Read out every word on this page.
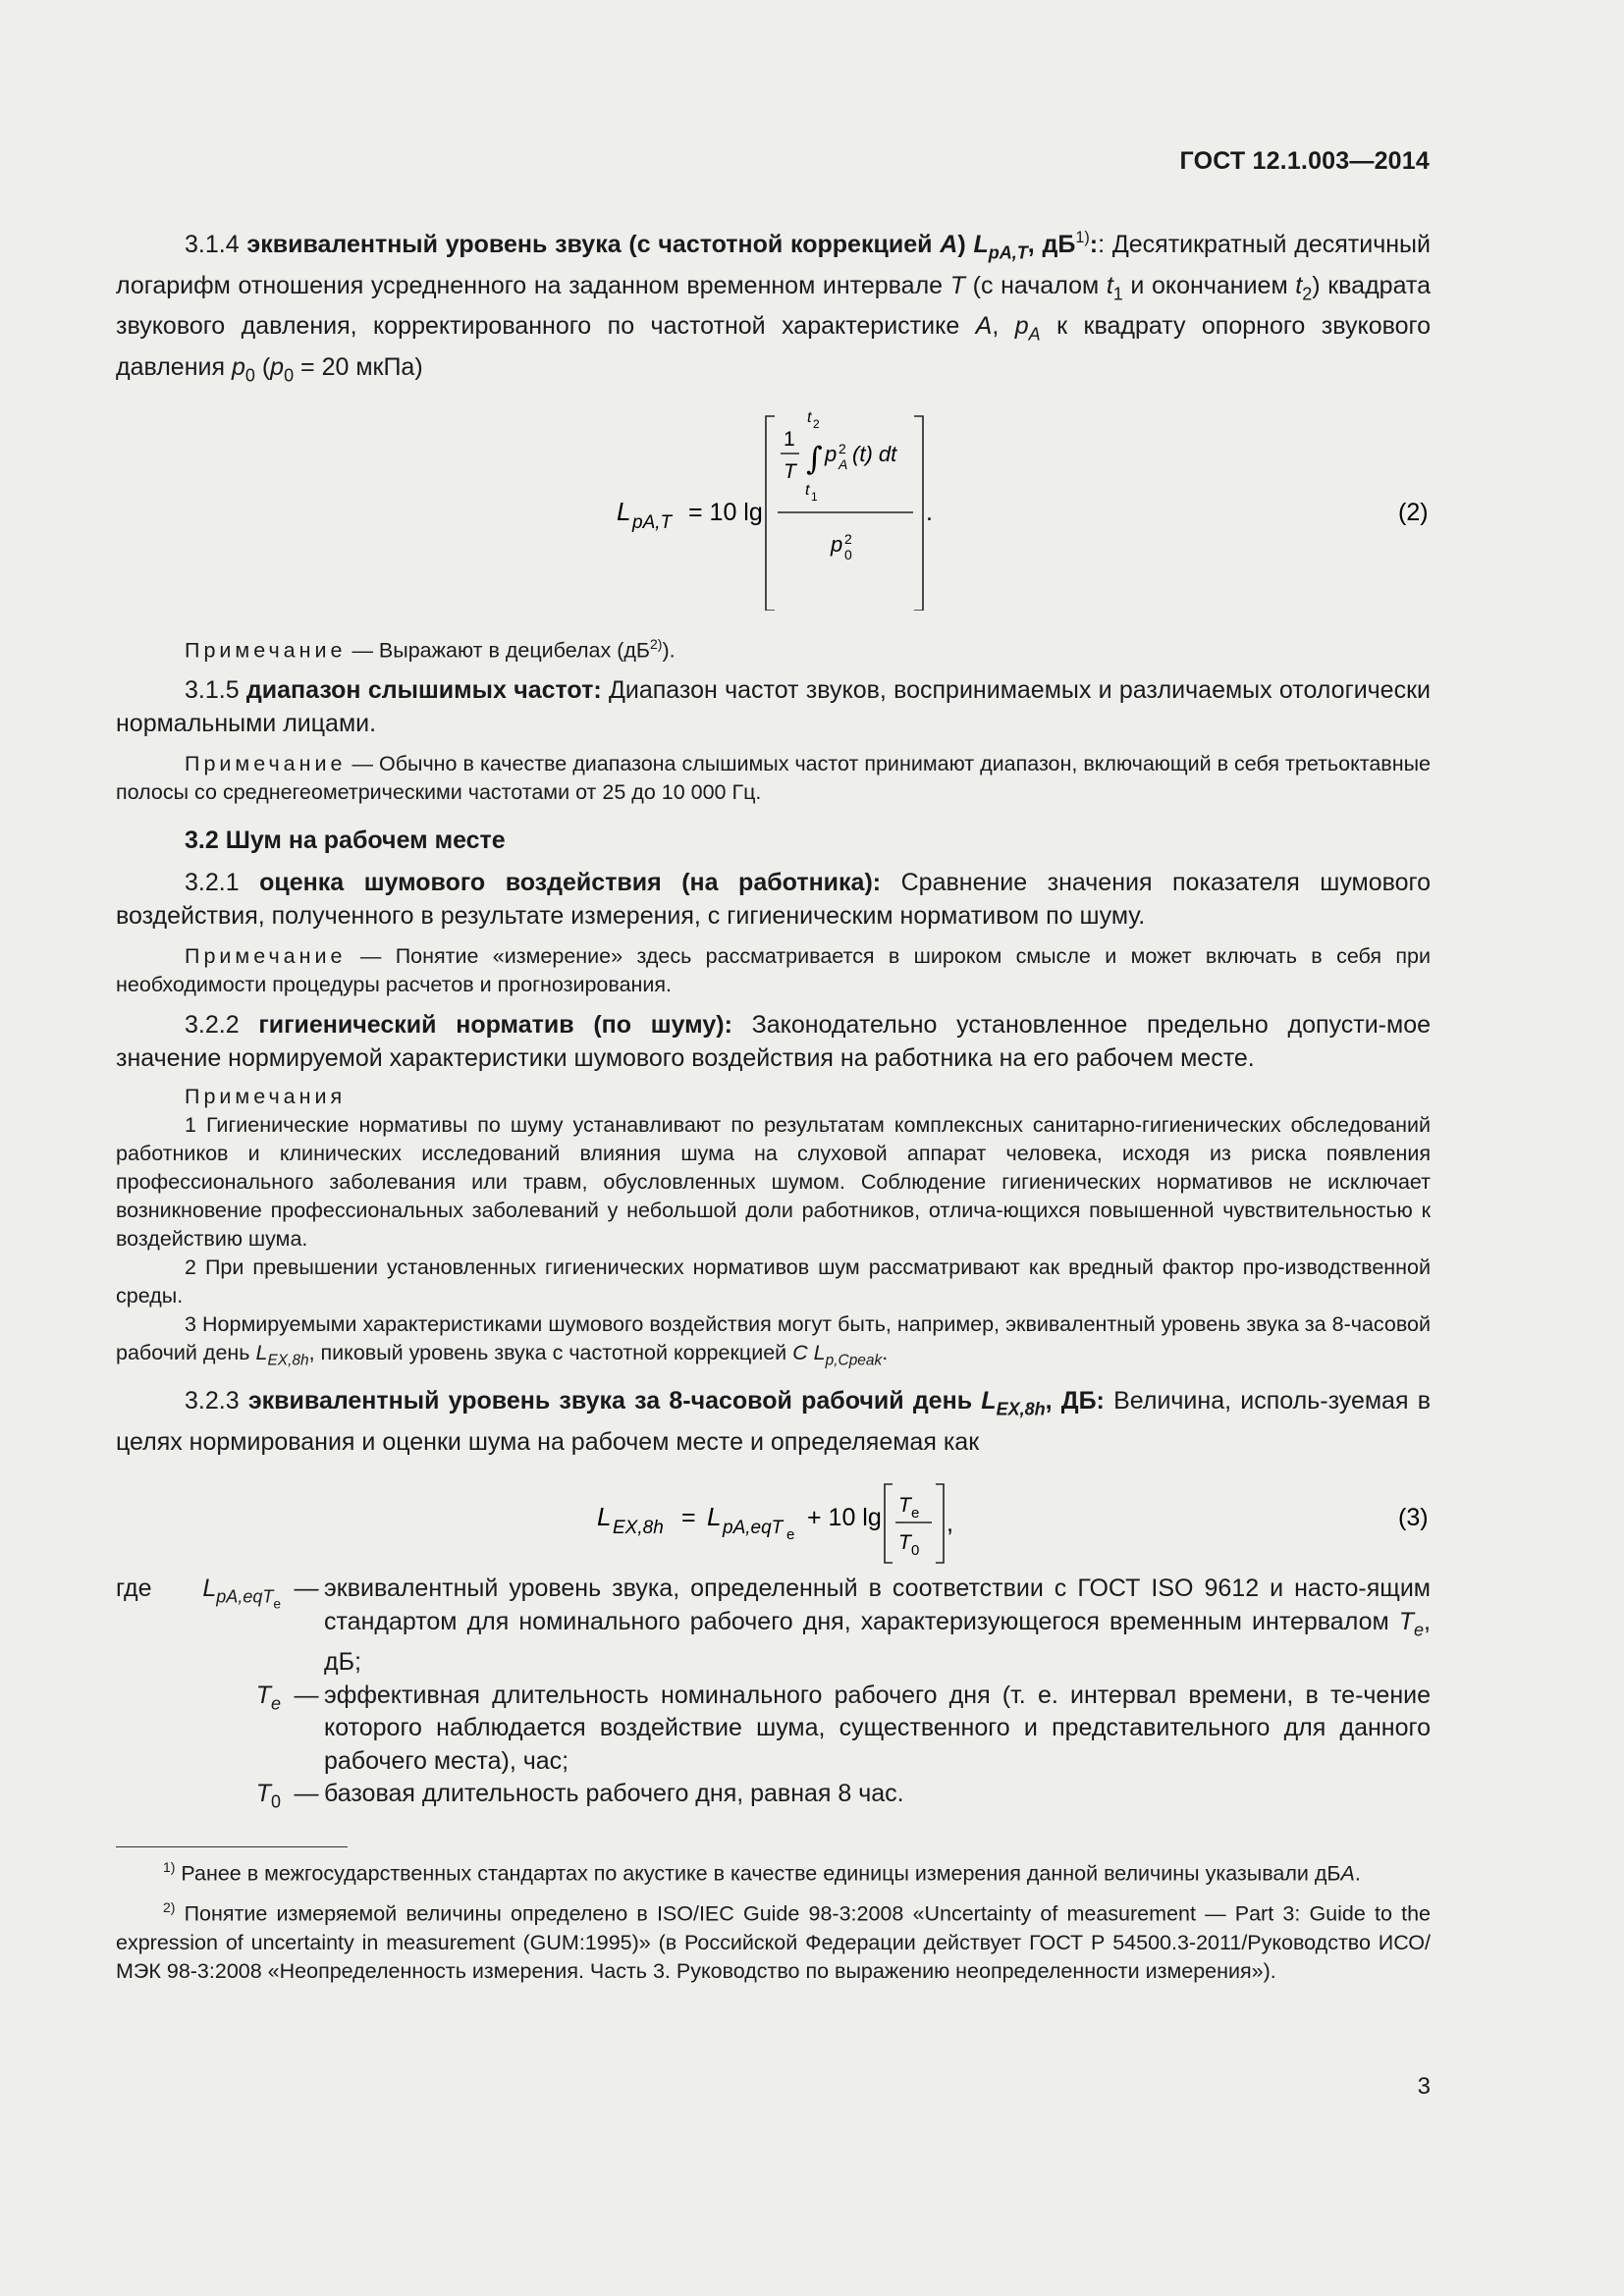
ГОСТ 12.1.003—2014

3.1.4 эквивалентный уровень звука (с частотной коррекцией A) $L_{pA,T}$, $дБ^{1)}$:: Десятикратный десятичный логарифм отношения усредненного на заданном временном интервале T (с началом $t_1$ и окончанием $t_2$) квадрата звукового давления, корректированного по частотной характеристике A, $p_A$ к квадрату опорного звукового давления $p_0$ ($p_0 = 20$ мкПа)

L pA,T = 10 lg
1
T ∫
t 2
t 1
p 2
A (t) dt
p 2
0
.	(2)

Примечание — Выражают в децибелах $(дБ^{2)})$.

3.1.5 диапазон слышимых частот: Диапазон частот звуков, воспринимаемых и различаемых отологически нормальными лицами.

Примечание — Обычно в качестве диапазона слышимых частот принимают диапазон, включающий в себя третьоктавные полосы со среднегеометрическими частотами от 25 до 10 000 Гц.

3.2 Шум на рабочем месте

3.2.1 оценка шумового воздействия (на работника): Сравнение значения показателя шумового воздействия, полученного в результате измерения, с гигиеническим нормативом по шуму.

Примечание — Понятие «измерение» здесь рассматривается в широком смысле и может включать в себя при необходимости процедуры расчетов и прогнозирования.

3.2.2 гигиенический норматив (по шуму): Законодательно установленное предельно допусти-мое значение нормируемой характеристики шумового воздействия на работника на его рабочем месте.

Примечания

1 Гигиенические нормативы по шуму устанавливают по результатам комплексных санитарно-гигиенических обследований работников и клинических исследований влияния шума на слуховой аппарат человека, исходя из риска появления профессионального заболевания или травм, обусловленных шумом. Соблюдение гигиенических нормативов не исключает возникновение профессиональных заболеваний у небольшой доли работников, отлича-ющихся повышенной чувствительностью к воздействию шума.

2 При превышении установленных гигиенических нормативов шум рассматривают как вредный фактор про-изводственной среды.

3 Нормируемыми характеристиками шумового воздействия могут быть, например, эквивалентный уровень звука за 8-часовой рабочий день $L_{EX,8h}$, пиковый уровень звука с частотной коррекцией C $L_{p,Cpeak}$.

3.2.3 эквивалентный уровень звука за 8-часовой рабочий день $L_{EX,8h}$, ДБ: Величина, исполь-зуемая в целях нормирования и оценки шума на рабочем месте и определяемая как

L EX,8h = L pA,eqT e
+ 10 lg T e
T 0
,	(3)
где $L_{pA,eqTe}$
— эквивалентный уровень звука, определенный в соответствии с ГОСТ ISO 9612 и насто-ящим стандартом для номинального рабочего дня, характеризующегося временным интервалом $T_e$, дБ;
$T_e$ — эффективная длительность номинального рабочего дня (т. е. интервал времени, в те-чение которого наблюдается воздействие шума, существенного и представительного для данного рабочего места), час;
$T_0$ — базовая длительность рабочего дня, равная 8 час.

$^{1)}$ Ранее в межгосударственных стандартах по акустике в качестве единицы измерения данной величины указывали дБA.

$^{2)}$ Понятие измеряемой величины определено в ISO/IEC Guide 98-3:2008 «Uncertainty of measurement — Part 3: Guide to the expression of uncertainty in measurement (GUM:1995)» (в Российской Федерации действует ГОСТ Р 54500.3-2011/Руководство ИСО/МЭК 98-3:2008 «Неопределенность измерения. Часть 3. Руководство по выражению неопределенности измерения»).

3
